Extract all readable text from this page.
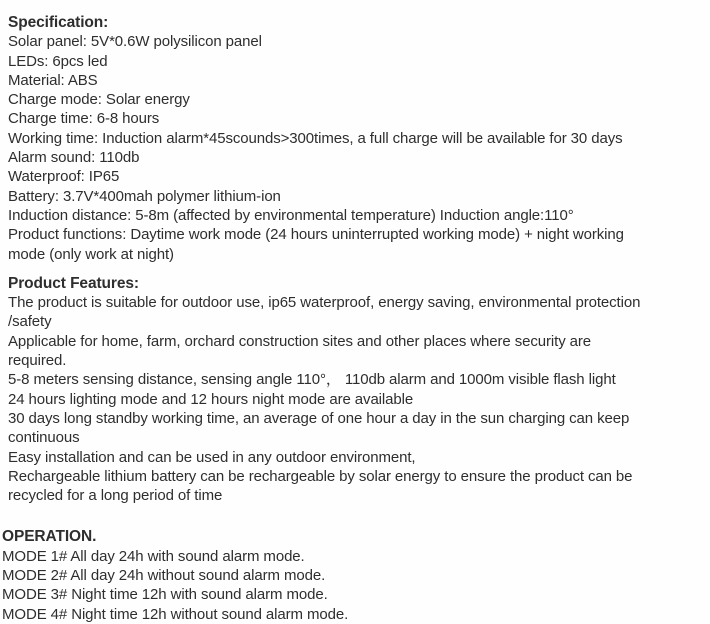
Specification:
Solar panel: 5V*0.6W polysilicon panel
LEDs: 6pcs led
Material: ABS
Charge mode: Solar energy
Charge time: 6-8 hours
Working time: Induction alarm*45scounds>300times, a full charge will be available for 30 days
Alarm sound: 110db
Waterproof: IP65
Battery: 3.7V*400mah polymer lithium-ion
Induction distance: 5-8m (affected by environmental temperature) Induction angle:110°
Product functions: Daytime work mode (24 hours uninterrupted working mode) + night working
mode (only work at night)
Product Features:
The product is suitable for outdoor use, ip65 waterproof, energy saving, environmental protection
/safety
Applicable for home, farm, orchard construction sites and other places where security are
required.
5-8 meters sensing distance, sensing angle 110°， 110db alarm and 1000m visible flash light
24 hours lighting mode and 12 hours night mode are available
30 days long standby working time, an average of one hour a day in the sun charging can keep
continuous
Easy installation and can be used in any outdoor environment,
Rechargeable lithium battery can be rechargeable by solar energy to ensure the product can be
recycled for a long period of time
OPERATION.
MODE 1# All day 24h with sound alarm mode.
MODE 2# All day 24h without sound alarm mode.
MODE 3# Night time 12h with sound alarm mode.
MODE 4# Night time 12h without sound alarm mode.
